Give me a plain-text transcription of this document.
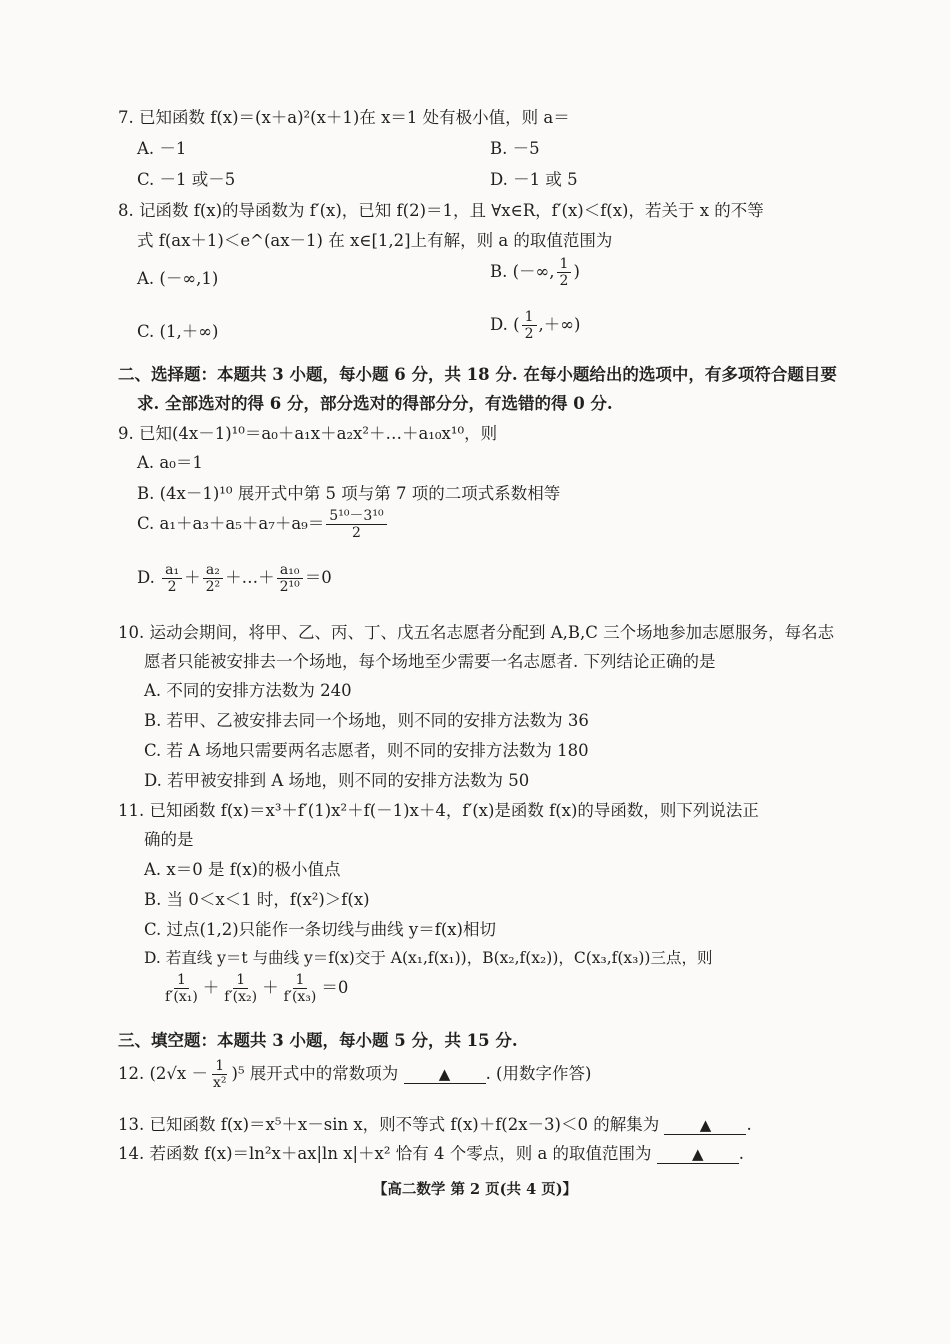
7. 已知函数 f(x)＝(x＋a)²(x＋1)在 x＝1 处有极小值，则 a＝
A. －1	B. －5
C. －1 或－5	D. －1 或 5
8. 记函数 f(x)的导函数为 f′(x)，已知 f(2)＝1，且 ∀x∈R，f′(x)＜f(x)，若关于 x 的不等
式 f(ax＋1)＜e^(ax－1) 在 x∈[1,2]上有解，则 a 的取值范围为
A. (－∞,1)	B. (－∞, $\frac{1}{2}$ )
C. (1,＋∞)	D. ( $\frac{1}{2}$ ,＋∞)
二、选择题：本题共 3 小题，每小题 6 分，共 18 分. 在每小题给出的选项中，有多项符合题目要
求. 全部选对的得 6 分，部分选对的得部分分，有选错的得 0 分.
9. 已知(4x－1)¹⁰＝a₀＋a₁x＋a₂x²＋…＋a₁₀x¹⁰，则
A. a₀＝1
B. (4x－1)¹⁰ 展开式中第 5 项与第 7 项的二项式系数相等
C. $a_1+a_3+a_5+a_7+a_9= \frac{\text{5¹⁰－3¹⁰}}{2}$
D. $\frac{\text{a₁}}{2} + \frac{\text{a₂}}{\text{2²}}$ ＋…＋ $\frac{\text{a₁₀}}{\text{2¹⁰}} =0$
10. 运动会期间，将甲、乙、丙、丁、戊五名志愿者分配到 A,B,C 三个场地参加志愿服务，每名志
愿者只能被安排去一个场地，每个场地至少需要一名志愿者. 下列结论正确的是
A. 不同的安排方法数为 240
B. 若甲、乙被安排去同一个场地，则不同的安排方法数为 36
C. 若 A 场地只需要两名志愿者，则不同的安排方法数为 180
D. 若甲被安排到 A 场地，则不同的安排方法数为 50
11. 已知函数 f(x)＝x³＋f′(1)x²＋f(－1)x＋4，f′(x)是函数 f(x)的导函数，则下列说法正
确的是
A. x＝0 是 f(x)的极小值点
B. 当 0＜x＜1 时，f(x²)＞f(x)
C. 过点(1,2)只能作一条切线与曲线 y＝f(x)相切
D. 若直线 y＝t 与曲线 y＝f(x)交于 A(x₁,f(x₁))，B(x₂,f(x₂))，C(x₃,f(x₃))三点，则
$\frac{1}{\text{f′(x₁)}} + \frac{1}{\text{f′(x₂)}} + \frac{1}{\text{f′(x₃)}} =0$
三、填空题：本题共 3 小题，每小题 5 分，共 15 分.
12. $(2√x - \frac{1}{\text{x²}} )^5$ 展开式中的常数项为	▲ . (用数字作答)
13. 已知函数 f(x)＝x⁵＋x－sin x，则不等式 f(x)＋f(2x－3)＜0 的解集为	▲ .
14. 若函数 f(x)＝ln²x＋ax|ln x|＋x² 恰有 4 个零点，则 a 的取值范围为	▲ .
【高二数学 第 2 页(共 4 页)】
